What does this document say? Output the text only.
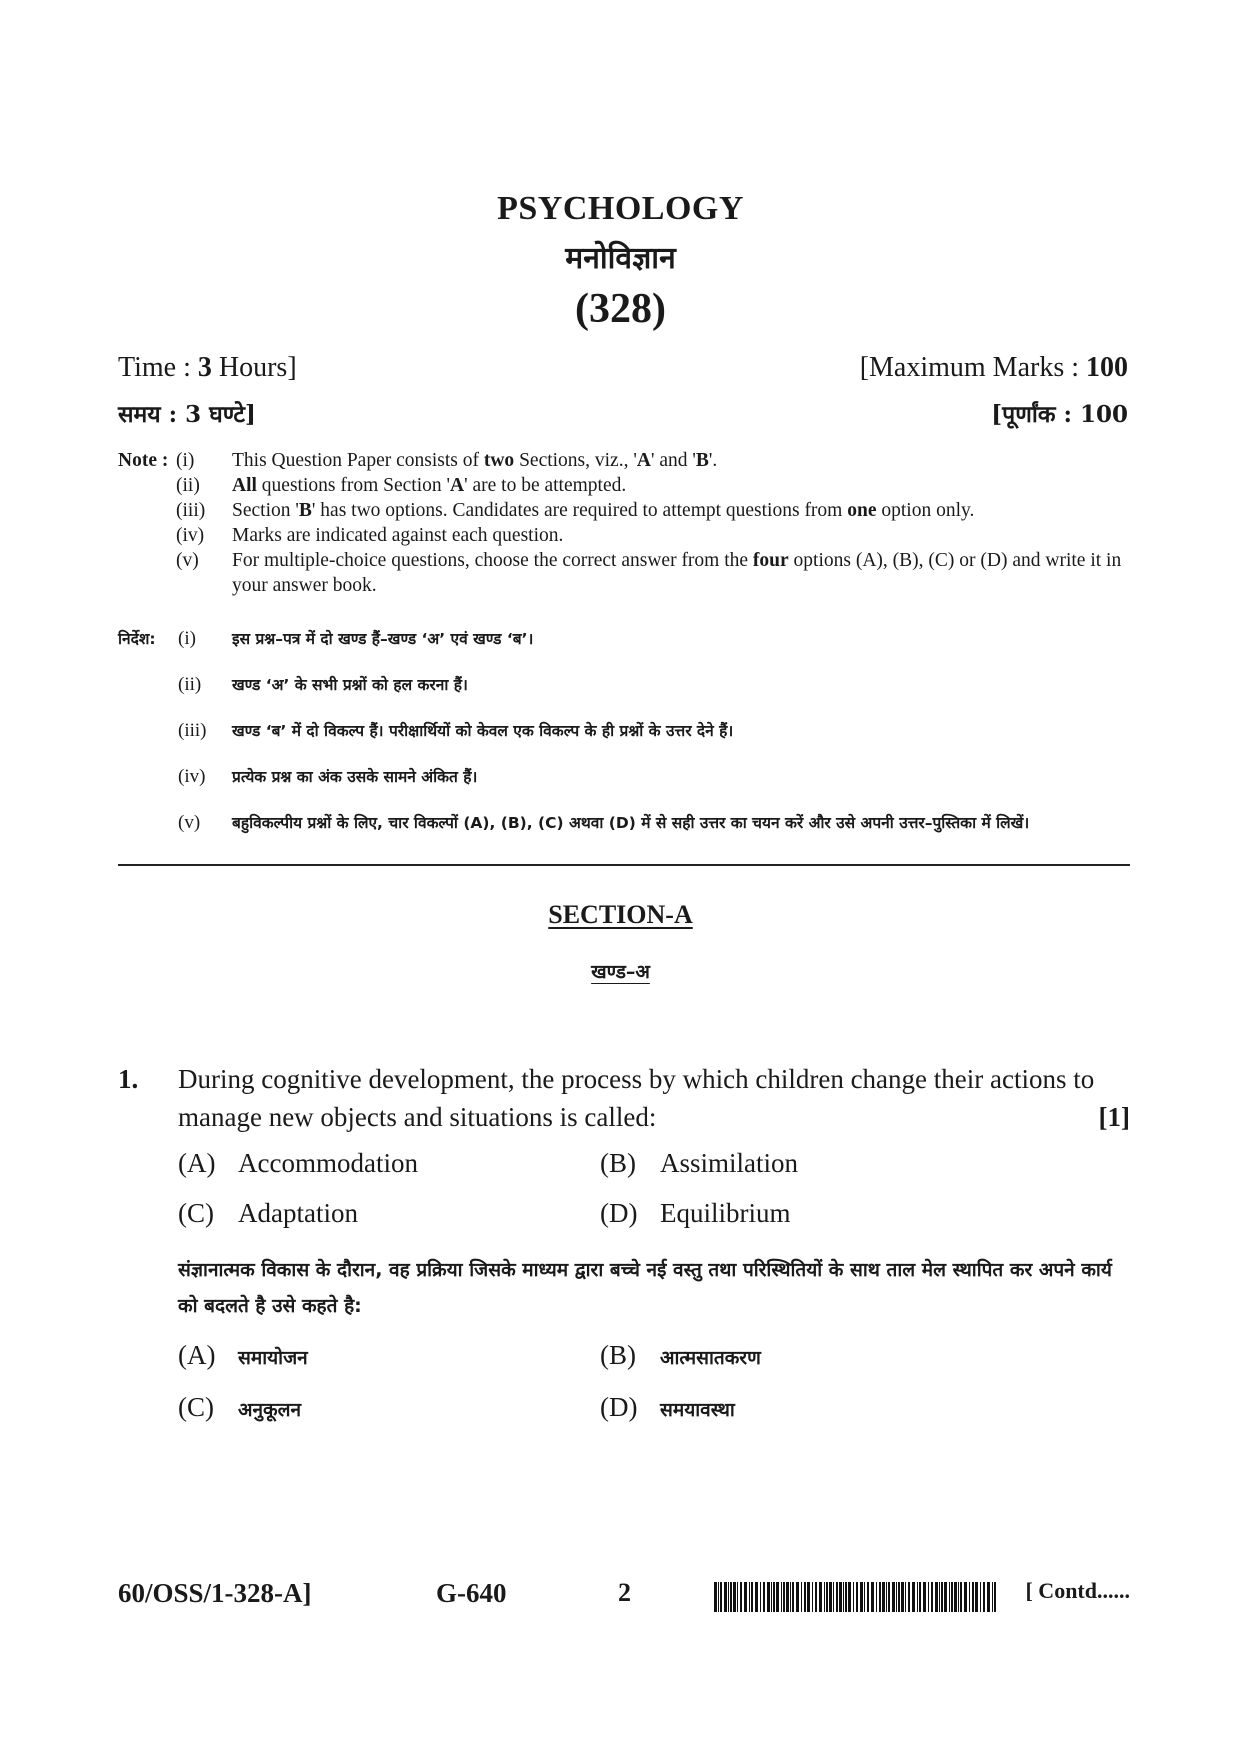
PSYCHOLOGY
मनोविज्ञान
(328)
Time : 3 Hours]	[Maximum Marks : 100
समय : 3 घण्टे]	[पूर्णांक : 100
Note : (i)	This Question Paper consists of two Sections, viz., 'A' and 'B'.
(ii)	All questions from Section 'A' are to be attempted.
(iii)	Section 'B' has two options. Candidates are required to attempt questions from one option only.
(iv)	Marks are indicated against each question.
(v)	For multiple-choice questions, choose the correct answer from the four options (A), (B), (C) or (D) and write it in your answer book.
निर्देश:	(i)	इस प्रश्न–पत्र में दो खण्ड हैं–खण्ड ‘अ’ एवं खण्ड ‘ब’।
(ii)	खण्ड ‘अ’ के सभी प्रश्नों को हल करना हैं।
(iii)	खण्ड ‘ब’ में दो विकल्प हैं। परीक्षार्थियों को केवल एक विकल्प के ही प्रश्नों के उत्तर देने हैं।
(iv)	प्रत्येक प्रश्न का अंक उसके सामने अंकित हैं।
(v)	बहुविकल्पीय प्रश्नों के लिए, चार विकल्पों (A), (B), (C) अथवा (D) में से सही उत्तर का चयन करें और उसे अपनी उत्तर–पुस्तिका में लिखें।
SECTION-A
खण्ड–अ
1.	During cognitive development, the process by which children change their actions to manage new objects and situations is called:	[1]
(A) Accommodation	(B) Assimilation
(C) Adaptation	(D) Equilibrium
संज्ञानात्मक विकास के दौरान, वह प्रक्रिया जिसके माध्यम द्वारा बच्चे नई वस्तु तथा परिस्थितियों के साथ ताल मेल स्थापित कर अपने कार्य को बदलते है उसे कहते है:
(A) समायोजन	(B) आत्मसातकरण
(C) अनुकूलन	(D) समयावस्था
60/OSS/1-328-A]	G-640	2	[ Contd......
